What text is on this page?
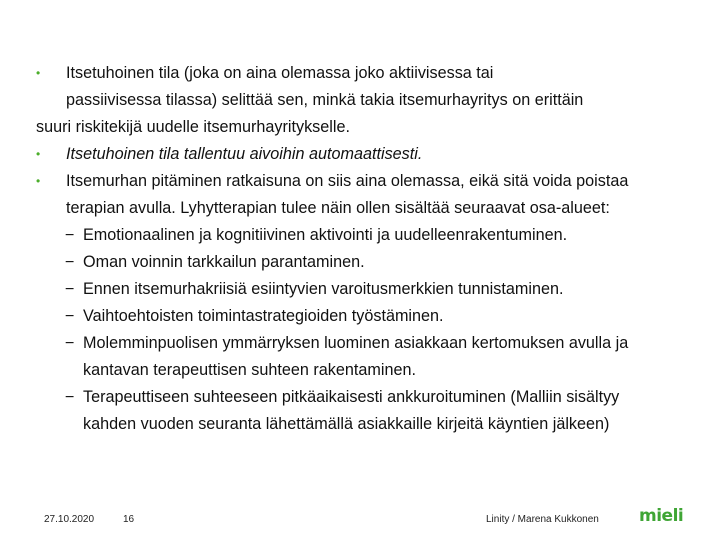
• Itsetuhoinen tila (joka on aina olemassa joko aktiivisessa tai
passiivisessa tilassa) selittää sen, minkä takia itsemurhayritys on erittäin
suuri riskitekijä uudelle itsemurhayritykselle.
• Itsetuhoinen tila tallentuu aivoihin automaattisesti.
• Itsemurhan pitäminen ratkaisuna on siis aina olemassa, eikä sitä voida poistaa
terapian avulla. Lyhytterapian tulee näin ollen sisältää seuraavat osa-alueet:
− Emotionaalinen ja kognitiivinen aktivointi ja uudelleenrakentuminen.
− Oman voinnin tarkkailun parantaminen.
− Ennen itsemurhakriisiä esiintyvien varoitusmerkkien tunnistaminen.
− Vaihtoehtoisten toimintastrategioiden työstäminen.
− Molemminpuolisen ymmärryksen luominen asiakkaan kertomuksen avulla ja
kantavan terapeuttisen suhteen rakentaminen.
− Terapeuttiseen suhteeseen pitkäaikaisesti ankkuroituminen (Malliin sisältyy
kahden vuoden seuranta lähettämällä asiakkaille kirjeitä käyntien jälkeen)
27.10.2020	16	Linity / Marena Kukkonen mieli
